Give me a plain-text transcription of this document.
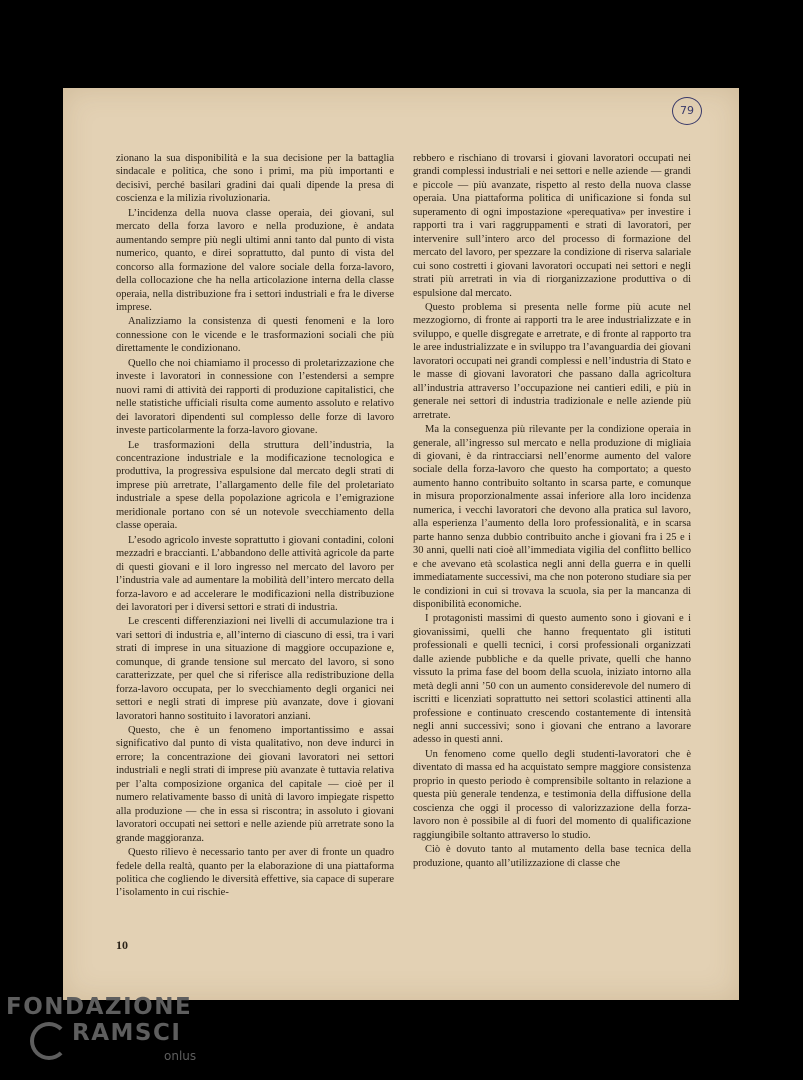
79

zionano la sua disponibilità e la sua decisione per la battaglia sindacale e politica, che sono i primi, ma più importanti e decisivi, perché basilari gradini dai quali dipende la presa di coscienza e la milizia rivoluzionaria.

L’incidenza della nuova classe operaia, dei giovani, sul mercato della forza lavoro e nella produzione, è andata aumentando sempre più negli ultimi anni tanto dal punto di vista numerico, quanto, e direi soprattutto, dal punto di vista del concorso alla formazione del valore sociale della forza-lavoro, della collocazione che ha nella articolazione interna della classe operaia, nella distribuzione fra i settori industriali e fra le diverse imprese.

Analizziamo la consistenza di questi fenomeni e la loro connessione con le vicende e le trasformazioni sociali che più direttamente le condizionano.

Quello che noi chiamiamo il processo di proletarizzazione che investe i lavoratori in connessione con l’estendersi a sempre nuovi rami di attività dei rapporti di produzione capitalistici, che nelle statistiche ufficiali risulta come aumento assoluto e relativo dei lavoratori dipendenti sul complesso delle forze di lavoro investe particolarmente la forza-lavoro giovane.

Le trasformazioni della struttura dell’industria, la concentrazione industriale e la modificazione tecnologica e produttiva, la progressiva espulsione dal mercato degli strati di imprese più arretrate, l’allargamento delle file del proletariato industriale a spese della popolazione agricola e l’emigrazione meridionale portano con sé un notevole svecchiamento della classe operaia.

L’esodo agricolo investe soprattutto i giovani contadini, coloni mezzadri e braccianti. L’abbandono delle attività agricole da parte di questi giovani e il loro ingresso nel mercato del lavoro per l’industria vale ad aumentare la mobilità dell’intero mercato della forza-lavoro e ad accelerare le modificazioni nella distribuzione dei lavoratori per i diversi settori e strati di industria.

Le crescenti differenziazioni nei livelli di accumulazione tra i vari settori di industria e, all’interno di ciascuno di essi, tra i vari strati di imprese in una situazione di maggiore occupazione e, comunque, di grande tensione sul mercato del lavoro, si sono caratterizzate, per quel che si riferisce alla redistribuzione della forza-lavoro occupata, per lo svecchiamento degli organici nei settori e negli strati di imprese più avanzate, dove i giovani lavoratori hanno sostituito i lavoratori anziani.

Questo, che è un fenomeno importantissimo e assai significativo dal punto di vista qualitativo, non deve indurci in errore; la concentrazione dei giovani lavoratori nei settori industriali e negli strati di imprese più avanzate è tuttavia relativa per l’alta composizione organica del capitale — cioè per il numero relativamente basso di unità di lavoro impiegate rispetto alla produzione — che in essa si riscontra; in assoluto i giovani lavoratori occupati nei settori e nelle aziende più arretrate sono la grande maggioranza.

Questo rilievo è necessario tanto per aver di fronte un quadro fedele della realtà, quanto per la elaborazione di una piattaforma politica che cogliendo le diversità effettive, sia capace di superare l’isolamento in cui rischie-

rebbero e rischiano di trovarsi i giovani lavoratori occupati nei grandi complessi industriali e nei settori e nelle aziende — grandi e piccole — più avanzate, rispetto al resto della nuova classe operaia. Una piattaforma politica di unificazione si fonda sul superamento di ogni impostazione «perequativa» per investire i rapporti tra i vari raggruppamenti e strati di lavoratori, per intervenire sull’intero arco del processo di formazione del mercato del lavoro, per spezzare la condizione di riserva salariale cui sono costretti i giovani lavoratori occupati nei settori e negli strati più arretrati in via di riorganizzazione produttiva o di espulsione dal mercato.

Questo problema si presenta nelle forme più acute nel mezzogiorno, di fronte ai rapporti tra le aree industrializzate e in sviluppo, e quelle disgregate e arretrate, e di fronte al rapporto tra le aree industrializzate e in sviluppo tra l’avanguardia dei giovani lavoratori occupati nei grandi complessi e nell’industria di Stato e le masse di giovani lavoratori che passano dalla agricoltura all’industria attraverso l’occupazione nei cantieri edili, e più in generale nei settori di industria tradizionale e nelle aziende più arretrate.

Ma la conseguenza più rilevante per la condizione operaia in generale, all’ingresso sul mercato e nella produzione di migliaia di giovani, è da rintracciarsi nell’enorme aumento del valore sociale della forza-lavoro che questo ha comportato; a questo aumento hanno contribuito soltanto in scarsa parte, e comunque in misura proporzionalmente assai inferiore alla loro incidenza numerica, i vecchi lavoratori che devono alla pratica sul lavoro, alla esperienza l’aumento della loro professionalità, e in scarsa parte hanno senza dubbio contribuito anche i giovani fra i 25 e i 30 anni, quelli nati cioè all’immediata vigilia del conflitto bellico e che avevano età scolastica negli anni della guerra e in quelli immediatamente successivi, ma che non poterono studiare sia per le condizioni in cui si trovava la scuola, sia per la mancanza di disponibilità economiche.

I protagonisti massimi di questo aumento sono i giovani e i giovanissimi, quelli che hanno frequentato gli istituti professionali e quelli tecnici, i corsi professionali organizzati dalle aziende pubbliche e da quelle private, quelli che hanno vissuto la prima fase del boom della scuola, iniziato intorno alla metà degli anni ’50 con un aumento considerevole del numero di iscritti e licenziati soprattutto nei settori scolastici attinenti alla professione e continuato crescendo costantemente di intensità negli anni successivi; sono i giovani che entrano a lavorare adesso in questi anni.

Un fenomeno come quello degli studenti-lavoratori che è diventato di massa ed ha acquistato sempre maggiore consistenza proprio in questo periodo è comprensibile soltanto in relazione a questa più generale tendenza, e testimonia della diffusione della coscienza che oggi il processo di valorizzazione della forza-lavoro non è possibile al di fuori del momento di qualificazione raggiungibile soltanto attraverso lo studio.

Ciò è dovuto tanto al mutamento della base tecnica della produzione, quanto all’utilizzazione di classe che

10
FONDAZIONE
RAMSCI
onlus
